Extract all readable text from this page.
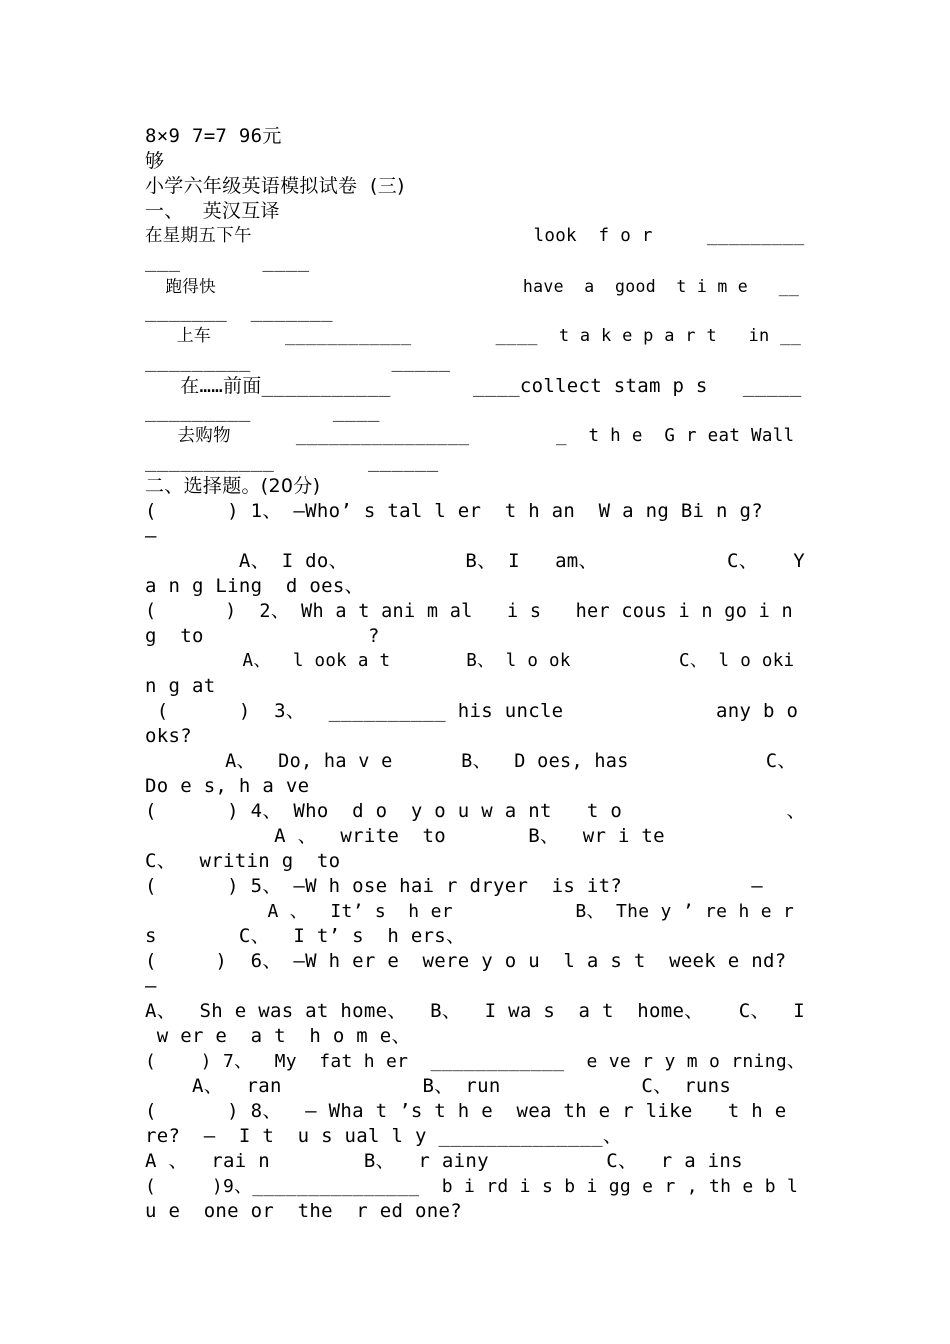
8×9 7=7 96元
够
小学六年级英语模拟试卷  (三)
一、   英汉互译
在星期五下午                          look  f o r     _________
___       ____
跑得快                              have  a  good  t i m e   __
_______  _______
上车       ____________        ____  t a k e p a r t   in __
_________            _____
在……前面___________       ____collect stam p s   _____
_________       ____
去购物      ________________        _  t h e  G r eat Wall
___________        ______
二、选择题。(20分)
(      ) 1、 —Who’ s tal l er  t h an  W a ng Bi n g?
—
A、 I do、          B、 I   am、           C、   Y
a n g Ling  d oes、
(      )  2、 Wh a t ani m al   i s   her cous i n go i n
g  to              ?
A、  l ook a t       B、 l o ok          C、 l o oki
n g at
(      )  3、  __________ his uncle             any b o
oks?
A、  Do, ha v e      B、  D oes, has            C、
Do e s, h a ve
(      ) 4、 Who  d o  y o u w a nt   t o              、
A 、  write  to       B、  wr i te
C、  writin g  to
(      ) 5、 —W h ose hai r dryer  is it?           —
A 、  It’ s  h er           B、 The y ’ re h e r
s       C、  I t’ s  h ers、
(     )  6、 —W h er e  were y o u  l a s t  week e nd?
—
A、  Sh e was at home、  B、  I wa s  a t  home、   C、  I
w er e  a t  h o m e、
(    ) 7、  My  fat h er  ____________  e ve r y m o rning、
A、  ran            B、 run            C、 runs
(      ) 8、  — Wha t ’s t h e  wea th e r like   t h e
re?  —  I t  u s ual l y ______________、
A 、  rai n        B、  r ainy          C、  r a ins
(     )9、_______________  b i rd i s b i gg e r , th e b l
u e  one or  the  r ed one?
